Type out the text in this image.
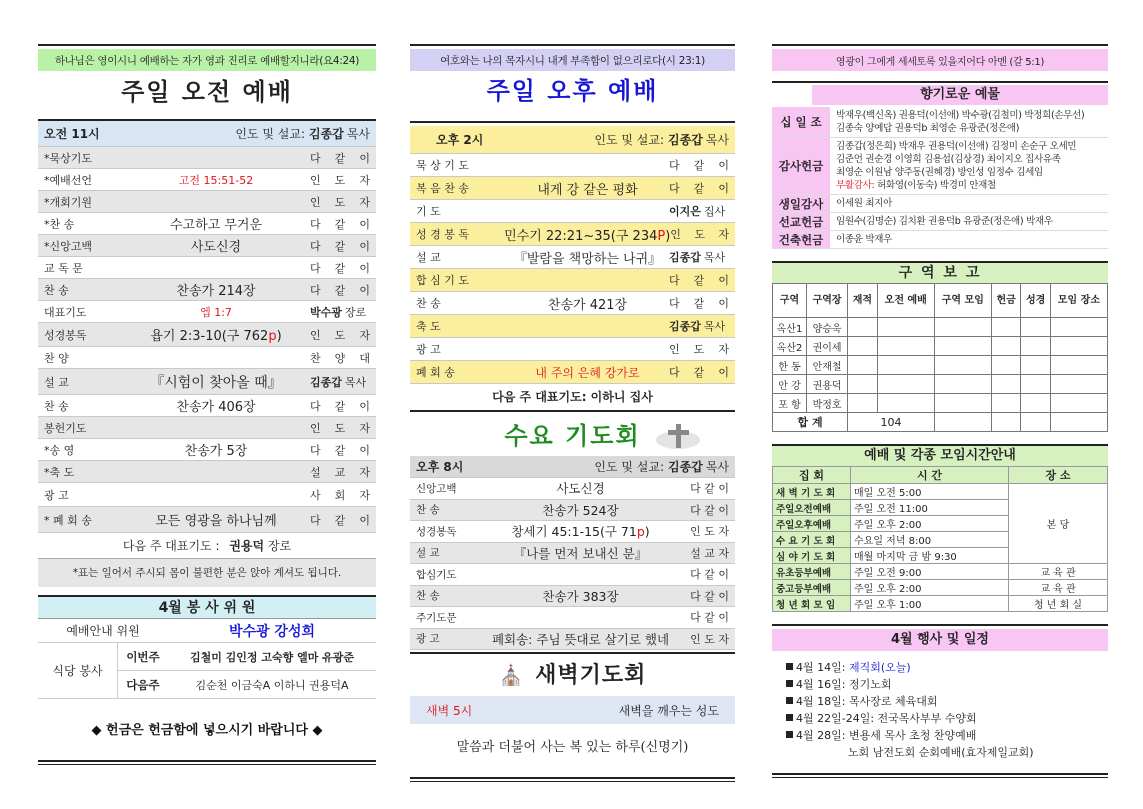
하나님은 영이시니 예배하는 자가 영과 진리로 예배할지니라(요4:24)
주일 오전 예배
오전 11시	인도 및 설교: 김종갑 목사
*묵상기도	다 같 이
*예배선언	고전 15:51-52	인 도 자
*개회기원	인 도 자
*찬 송	수고하고 무거운	다 같 이
*신앙고백	사도신경	다 같 이
교 독 문	다 같 이
찬 송	찬송가 214장	다 같 이
대표기도	엡 1:7	박수광 장로
성경봉독	욥기 2:3-10(구 762p)	인 도 자
찬 양	찬 양 대
설 교	『시험이 찾아올 때』	김종갑 목사
찬 송	찬송가 406장	다 같 이
봉헌기도	인 도 자
*송 영	찬송가 5장	다 같 이
*축 도	설 교 자
광 고	사 회 자
* 폐 회 송	모든 영광을 하나님께	다 같 이
다음 주 대표기도 : 권용덕 장로
*표는 일어서 주시되 몸이 불편한 분은 앉아 계셔도 됩니다.
4월 봉 사 위 원
예배안내 위원	박수광 강성희
식당 봉사
이번주	김철미 김인정 고숙향 엘마 유광준
다음주	김순천 이금숙A 이하니 권용덕A
◆ 헌금은 헌금함에 넣으시기 바랍니다 ◆
여호와는 나의 목자시니 내게 부족함이 없으리로다(시 23:1)
주일 오후 예배
오후 2시	인도 및 설교: 김종갑 목사
묵 상 기 도	다 같 이
복 음 찬 송	내게 강 같은 평화	다 같 이
기 도	이지은 집사
성 경 봉 독	민수기 22:21~35(구 234P) 인 도 자
설 교	『발람을 책망하는 나귀』 김종갑 목사
합 심 기 도	다 같 이
찬 송	찬송가 421장	다 같 이
축 도	김종갑 목사
광 고	인 도 자
폐 회 송	내 주의 은혜 강가로	다 같 이
다음 주 대표기도: 이하니 집사
수요 기도회
오후 8시	인도 및 설교: 김종갑 목사
신앙고백	사도신경	다 같 이
찬 송	찬송가 524장	다 같 이
성경봉독	창세기 45:1-15(구 71p)	인 도 자
설 교	『나를 먼저 보내신 분』	설 교 자
합심기도	다 같 이
찬 송	찬송가 383장	다 같 이
주기도문	다 같 이
광 고	폐회송: 주님 뜻대로 살기로 했네	인 도 자
⛪ 새벽기도회
새벽 5시	새벽을 깨우는 성도
말씀과 더불어 사는 복 있는 하루(신명기)
영광이 그에게 세세토록 있을지어다 아멘 (갈 5:1)
향기로운 예물
십 일 조	박재우(백신옥) 권용덕(이선애) 박수광(김철미) 박정희(손무선)
김종숙 양예답 권용덕b 최영순 유광준(정은애)
감사헌금
김종갑(정은희) 박재우 권용덕(이선애) 김정미 손순구 오세민
김준언 권순경 이영희 김용섭(김상경) 최이지오 집사유족
최영순 이원남 양주동(권혜경) 방인성 임정수 김세임
부활감사: 허화영(이동숙) 박경미 안재철
생일감사	이세원 최지아
선교헌금	임원수(김명순) 김치환 권용덕b 유광준(정은애) 박재우
건축헌금	이종윤 박재우
구 역 보 고
구역	구역장	재적	오전 예배	구역 모임	헌금	성경	모임 장소
옥산1	양승욱						
옥산2	권이세						
한 동	안재철						
안 강	권용덕						
포 항	박정호						
합 계		104					
예배 및 각종 모임시간안내
집 회	시 간	장 소
새 벽 기 도 회	매일 오전 5:00	본 당
주일오전예배	주일 오전 11:00	
주일오후예배	주일 오후 2:00	
수 요 기 도 회	수요일 저녁 8:00	
심 야 기 도 회	매월 마지막 금 밤 9:30	
유초등부예배	주일 오전 9:00	교 육 관
중고등부예배	주일 오후 2:00	교 육 관
청 년 회 모 임	주일 오후 1:00	청 년 회 실
4월 행사 및 일정
4월 14일: 제직회(오늘)
4월 16일: 정기노회
4월 18일: 목사장로 체육대회
4월 22일-24일: 전국목사부부 수양회
4월 28일: 변용세 목사 초청 찬양예배
노회 남전도회 순회예배(효자제일교회)
